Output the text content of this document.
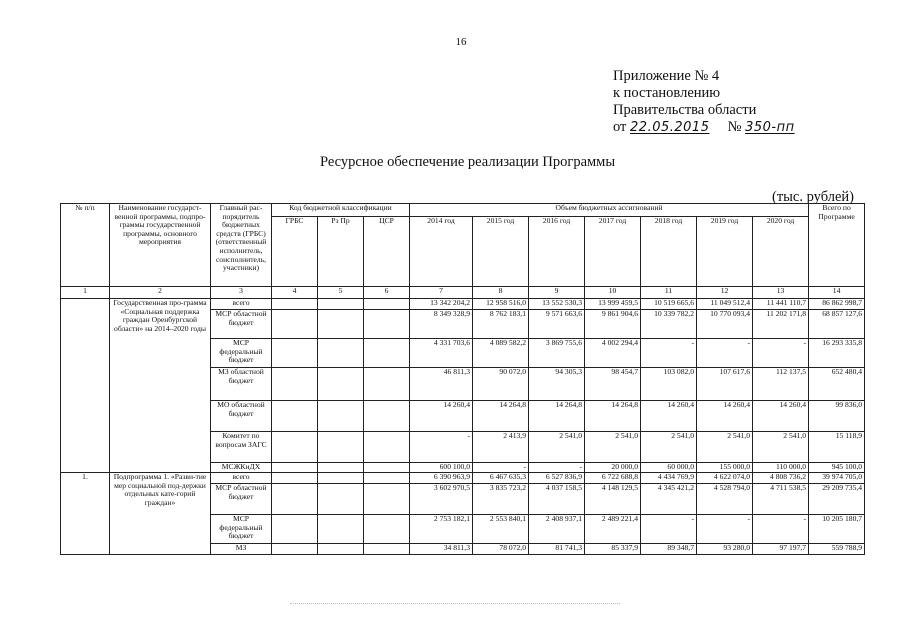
16
Приложение № 4
к постановлению
Правительства области
от 22.05.2015 № 350-пп
Ресурсное обеспечение реализации Программы
(тыс. рублей)
№ п/п	Наименование государст-венной программы, подпро-граммы государственной программы, основного мероприятия	Главный рас-порядитель бюджетных средств (ГРБС) (ответственный исполнитель, соисполнитель, участники)	Код бюджетной классификации			Объем бюджетных ассигнований							Всего по Программе
			ГРБС	Рз Пр	ЦСР	2014 год	2015 год	2016 год	2017 год	2018 год	2019 год	2020 год	
1	2	3	4	5	6	7	8	9	10	11	12	13	14
	Государственная про-грамма «Социальная поддержка граждан Оренбургской области» на 2014–2020 годы	всего				13 342 204,2	12 958 516,0	13 552 530,3	13 999 459,5	10 519 665,6	11 049 512,4	11 441 110,7	86 862 998,7
		МСР областной бюджет				8 349 328,9	8 762 183,1	9 571 663,6	9 861 904,6	10 339 782,2	10 770 093,4	11 202 171,8	68 857 127,6
		МСР федеральный бюджет				4 331 703,6	4 089 582,2	3 869 755,6	4 002 294,4	-	-	-	16 293 335,8
		МЗ областной бюджет				46 811,3	90 072,0	94 305,3	98 454,7	103 082,0	107 617,6	112 137,5	652 480,4
		МО областной бюджет				14 260,4	14 264,8	14 264,8	14 264,8	14 260,4	14 260,4	14 260,4	99 836,0
		Комитет по вопросам ЗАГС				-	2 413,9	2 541,0	2 541,0	2 541,0	2 541,0	2 541,0	15 118,9
		МСЖКиДХ				600 100,0	-	-	20 000,0	60 000,0	155 000,0	110 000,0	945 100,0
1.	Подпрограмма 1. «Разви-тие мер социальной под-держки отдельных кате-горий граждан»	всего				6 390 963,9	6 467 635,3	6 527 836,9	6 722 688,8	4 434 769,9	4 622 074,0	4 808 736,2	39 974 705,0
		МСР областной бюджет				3 602 970,5	3 835 723,2	4 037 158,5	4 148 129,5	4 345 421,2	4 528 794,0	4 711 538,5	29 209 735,4
		МСР федеральный бюджет				2 753 182,1	2 553 840,1	2 408 937,1	2 489 221,4	-	-	-	10 205 180,7
		МЗ				34 811,3	78 072,0	81 741,3	85 337,9	89 348,7	93 280,0	97 197,7	559 788,9
